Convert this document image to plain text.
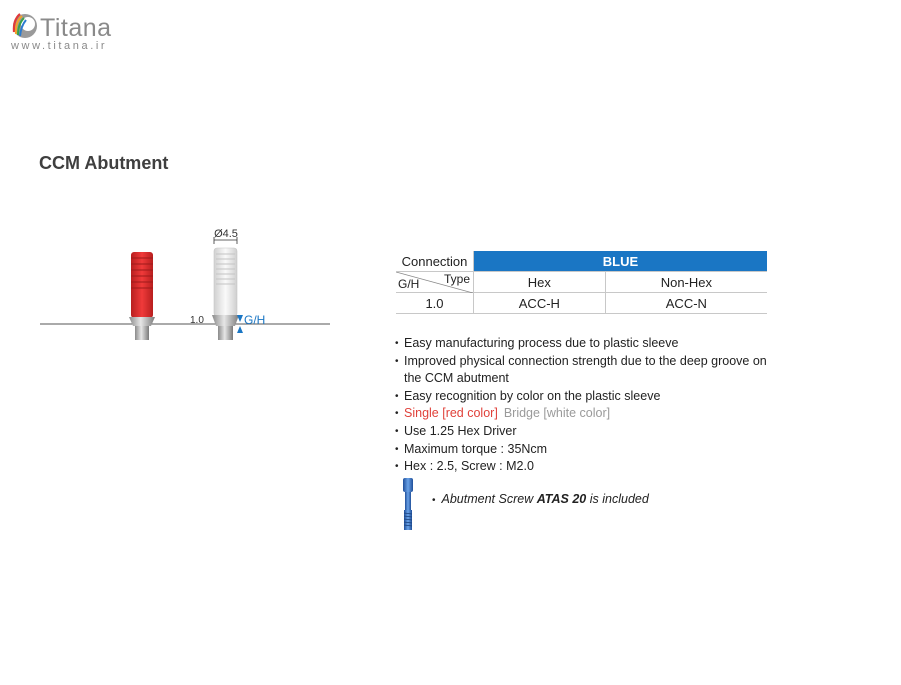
Titana
www.titana.ir
CCM Abutment
Ø4.5
1.0	G/H
Connection	BLUE	

Type
G/H	Hex	Non-Hex
1.0	ACC-H	ACC-N
• Easy manufacturing process due to plastic sleeve
• Improved physical connection strength due to the deep groove on the CCM abutment
• Easy recognition by color on the plastic sleeve
• Single [red color] Bridge [white color]
• Use 1.25 Hex Driver
• Maximum torque : 35Ncm
• Hex : 2.5, Screw : M2.0
• Abutment Screw ATAS 20 is included
